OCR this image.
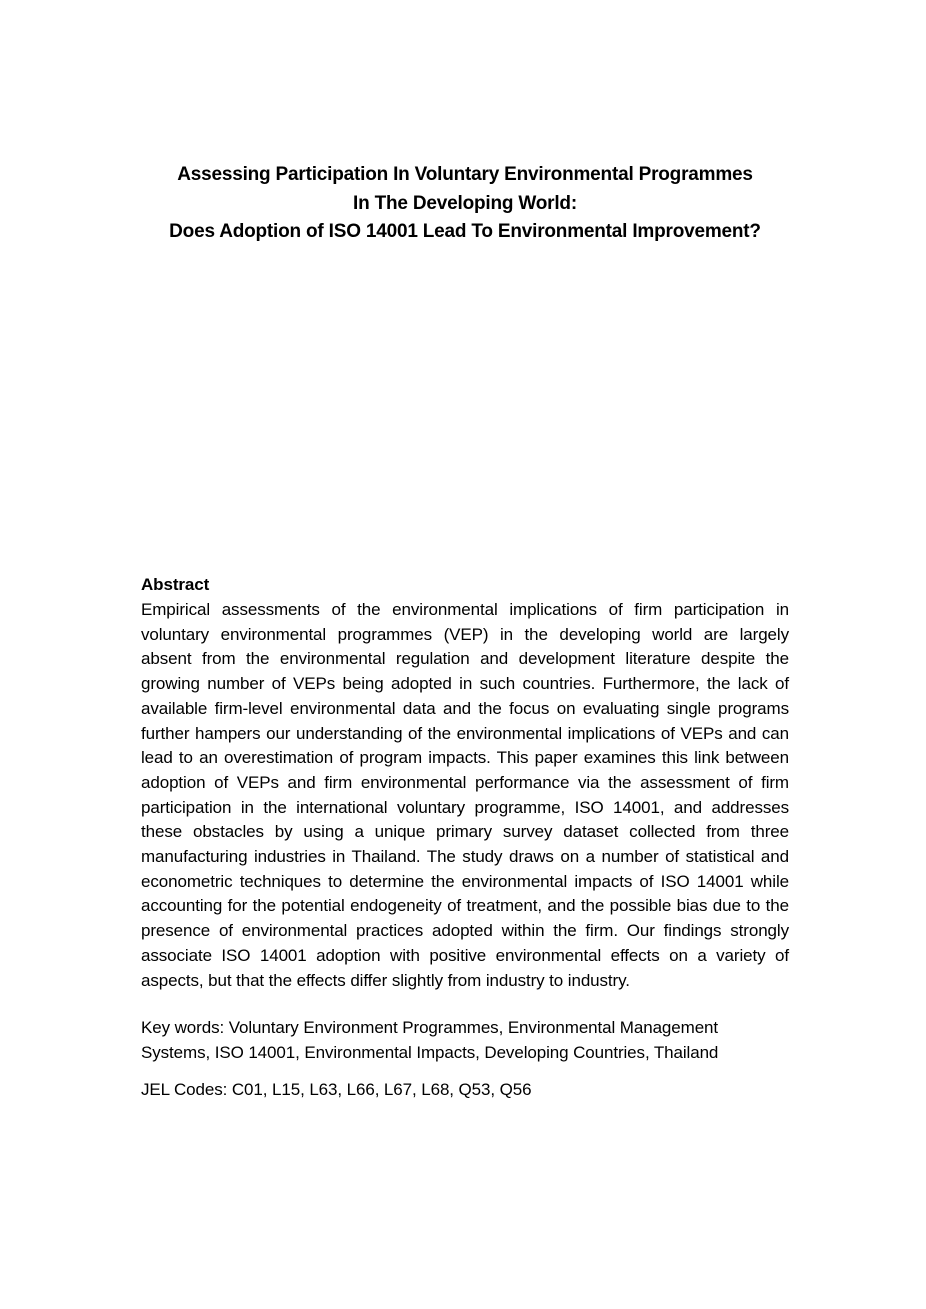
Assessing Participation In Voluntary Environmental Programmes
In The Developing World:
Does Adoption of ISO 14001 Lead To Environmental Improvement?
Abstract
Empirical assessments of the environmental implications of firm participation in
voluntary environmental programmes (VEP) in the developing world are largely
absent from the environmental regulation and development literature despite the
growing number of VEPs being adopted in such countries. Furthermore, the lack of
available firm-level environmental data and the focus on evaluating single programs
further hampers our understanding of the environmental implications of VEPs and can
lead to an overestimation of program impacts. This paper examines this link between
adoption of VEPs and firm environmental performance via the assessment of firm
participation in the international voluntary programme, ISO 14001, and addresses
these obstacles by using a unique primary survey dataset collected from three
manufacturing industries in Thailand. The study draws on a number of statistical and
econometric techniques to determine the environmental impacts of ISO 14001 while
accounting for the potential endogeneity of treatment, and the possible bias due to the
presence of environmental practices adopted within the firm. Our findings strongly
associate ISO 14001 adoption with positive environmental effects on a variety of
aspects, but that the effects differ slightly from industry to industry.
Key words: Voluntary Environment Programmes, Environmental Management
Systems, ISO 14001, Environmental Impacts, Developing Countries, Thailand
JEL Codes: C01, L15, L63, L66, L67, L68, Q53, Q56
